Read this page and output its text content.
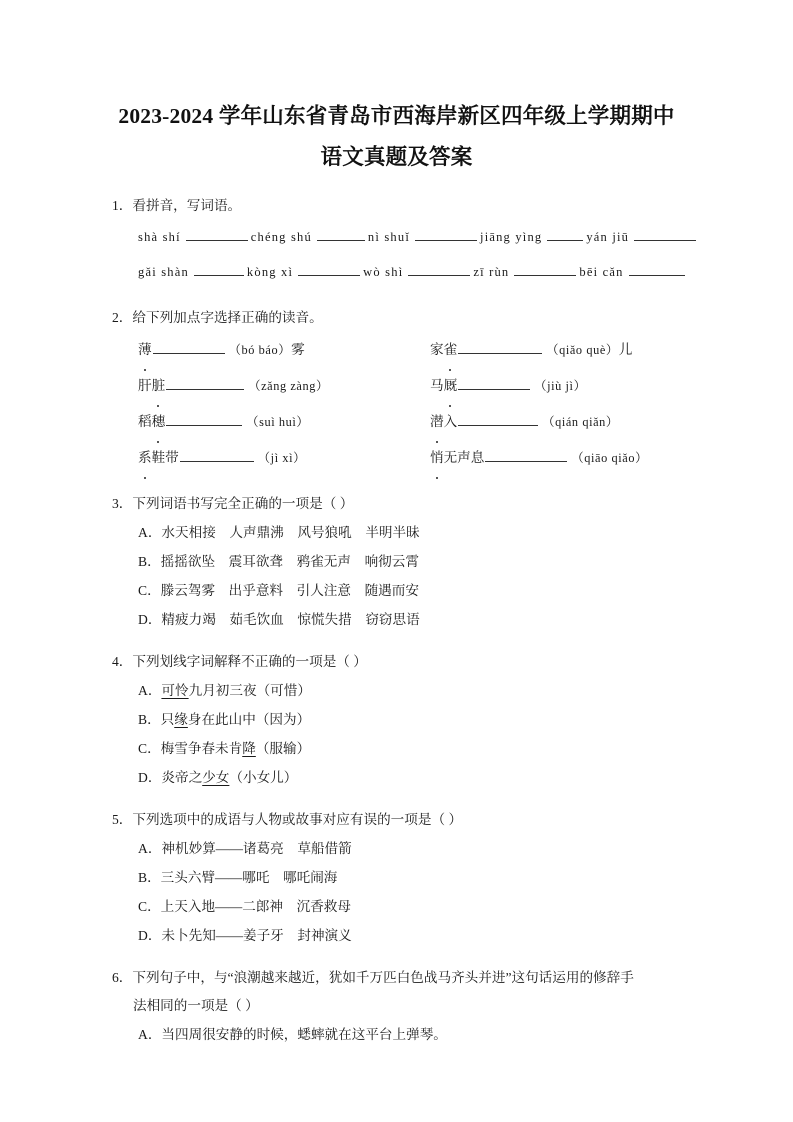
2023-2024 学年山东省青岛市西海岸新区四年级上学期期中 语文真题及答案
1．看拼音，写词语。
shà shí	chéng shú	nì shuǐ	jiāng yìng	yán jiū
gǎi shàn	kòng xì	wò shì	zī rùn	bēi cǎn
2．给下列加点字选择正确的读音。
薄	（bó báo）雾	家雀	（qiǎo què）儿
肝脏	（zǎng zàng）	马厩	（jiù jì）
稻穗	（suì huì）	潜入	（qián qiǎn）
系鞋带	（jì xì）	悄无声息	（qiāo qiǎo）
3．下列词语书写完全正确的一项是（ ）
A．水天相接　人声鼎沸　风号狼吼　半明半昧
B．摇摇欲坠　震耳欲聋　鸦雀无声　响彻云霄
C．滕云驾雾　出乎意料　引人注意　随遇而安
D．精疲力竭　茹毛饮血　惊慌失措　窃窃思语
4．下列划线字词解释不正确的一项是（ ）
A．可怜九月初三夜（可惜）
B．只缘身在此山中（因为）
C．梅雪争春未肯降（服输）
D．炎帝之少女（小女儿）
5．下列选项中的成语与人物或故事对应有误的一项是（ ）
A．神机妙算——诸葛亮　草船借箭
B．三头六臂——哪吒　哪吒闹海
C．上天入地——二郎神　沉香救母
D．未卜先知——姜子牙　封神演义
6．下列句子中，与“浪潮越来越近，犹如千万匹白色战马齐头并进”这句话运用的修辞手
法相同的一项是（ ）
A．当四周很安静的时候，蟋蟀就在这平台上弹琴。
